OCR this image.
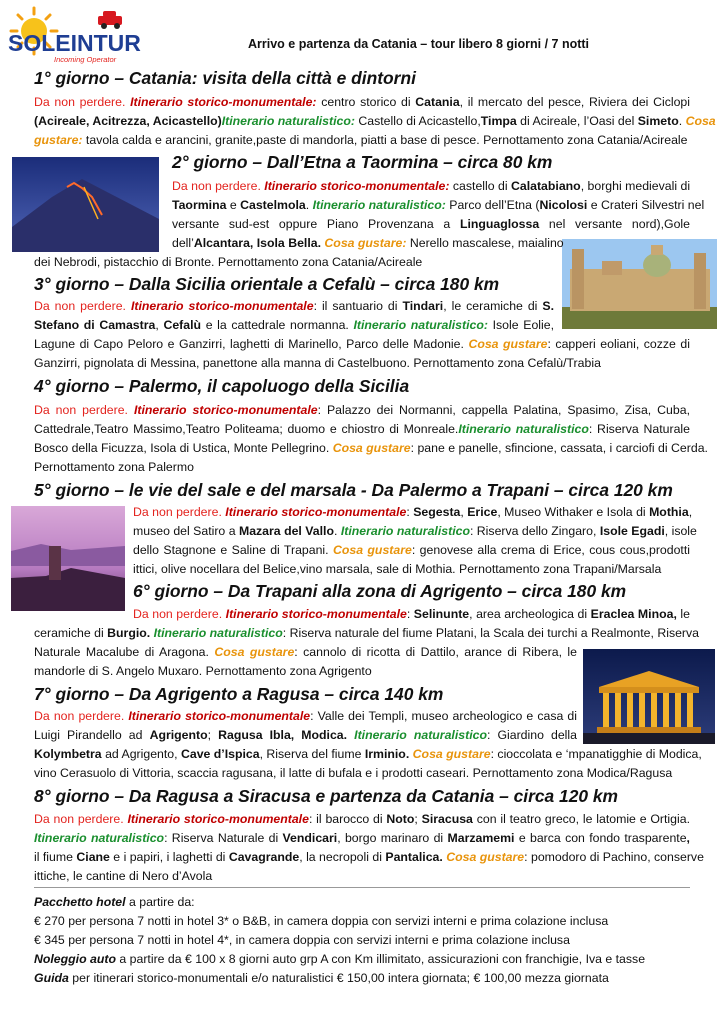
SOLEINTUR
Incoming Operator
Arrivo e partenza da Catania – tour libero 8 giorni / 7 notti
1° giorno – Catania: visita della città e dintorni
Da non perdere. Itinerario storico-monumentale: centro storico di Catania, il mercato del pesce, Riviera dei Ciclopi
(Acireale, Acitrezza, Acicastello)Itinerario naturalistico: Castello di Acicastello,Timpa di Acireale, l’Oasi del Simeto. Cosa
gustare: tavola calda e arancini, granite,paste di mandorla, piatti a base di pesce. Pernottamento zona Catania/Acireale
2° giorno – Dall’Etna a Taormina – circa 80 km
Da non perdere. Itinerario storico-monumentale: castello di Calatabiano, borghi medievali di
Taormina e Castelmola. Itinerario naturalistico: Parco dell’Etna (Nicolosi e Crateri Silvestri nel
versante sud-est oppure Piano Provenzana a Linguaglossa nel versante nord),Gole
dell’Alcantara, Isola Bella. Cosa gustare: Nerello mascalese, maialino
dei Nebrodi, pistacchio di Bronte. Pernottamento zona Catania/Acireale
3° giorno – Dalla Sicilia orientale a Cefalù – circa 180 km
Da non perdere. Itinerario storico-monumentale: il santuario di Tindari, le ceramiche di S.
Stefano di Camastra, Cefalù e la cattedrale normanna. Itinerario naturalistico: Isole Eolie,
Lagune di Capo Peloro e Ganzirri, laghetti di Marinello, Parco delle Madonie. Cosa gustare: capperi eoliani, cozze di
Ganzirri, pignolata di Messina, panettone alla manna di Castelbuono. Pernottamento zona Cefalù/Trabia
4° giorno – Palermo, il capoluogo della Sicilia
Da non perdere. Itinerario storico-monumentale: Palazzo dei Normanni, cappella Palatina, Spasimo, Zisa, Cuba,
Cattedrale,Teatro Massimo,Teatro Politeama; duomo e chiostro di Monreale.Itinerario naturalistico: Riserva Naturale
Bosco della Ficuzza, Isola di Ustica, Monte Pellegrino. Cosa gustare: pane e panelle, sfincione, cassata, i carciofi di Cerda.
Pernottamento zona Palermo
5° giorno – le vie del sale e del marsala - Da Palermo a Trapani – circa 120 km
Da non perdere. Itinerario storico-monumentale: Segesta, Erice, Museo Withaker e Isola di Mothia,
museo del Satiro a Mazara del Vallo. Itinerario naturalistico: Riserva dello Zingaro, Isole Egadi, isole
dello Stagnone e Saline di Trapani. Cosa gustare: genovese alla crema di Erice, cous cous,prodotti
ittici, olive nocellara del Belice,vino marsala, sale di Mothia. Pernottamento zona Trapani/Marsala
6° giorno – Da Trapani alla zona di Agrigento – circa 180 km
Da non perdere. Itinerario storico-monumentale: Selinunte, area archeologica di Eraclea Minoa, le
ceramiche di Burgio. Itinerario naturalistico: Riserva naturale del fiume Platani, la Scala dei turchi a Realmonte, Riserva
Naturale Macalube di Aragona. Cosa gustare: cannolo di ricotta di Dattilo, arance di Ribera, le
mandorle di S. Angelo Muxaro. Pernottamento zona Agrigento
7° giorno – Da Agrigento a Ragusa – circa 140 km
Da non perdere. Itinerario storico-monumentale: Valle dei Templi, museo archeologico e casa di
Luigi Pirandello ad Agrigento; Ragusa Ibla, Modica. Itinerario naturalistico: Giardino della
Kolymbetra ad Agrigento, Cave d’Ispica, Riserva del fiume Irminio. Cosa gustare: cioccolata e ‘mpanatigghie di Modica,
vino Cerasuolo di Vittoria, scaccia ragusana, il latte di bufala e i prodotti caseari. Pernottamento zona Modica/Ragusa
8° giorno – Da Ragusa a Siracusa e partenza da Catania – circa 120 km
Da non perdere. Itinerario storico-monumentale: il barocco di Noto; Siracusa con il teatro greco, le latomie e Ortigia.
Itinerario naturalistico: Riserva Naturale di Vendicari, borgo marinaro di Marzamemi e barca con fondo trasparente,
il fiume Ciane e i papiri, i laghetti di Cavagrande, la necropoli di Pantalica. Cosa gustare: pomodoro di Pachino, conserve
ittiche, le cantine di Nero d’Avola
Pacchetto hotel a partire da:
€ 270 per persona 7 notti in hotel 3* o B&B, in camera doppia con servizi interni e prima colazione inclusa
€ 345 per persona 7 notti in hotel 4*, in camera doppia con servizi interni e prima colazione inclusa
Noleggio auto a partire da € 100 x 8 giorni auto grp A con Km illimitato, assicurazioni con franchigie, Iva e tasse
Guida per itinerari storico-monumentali e/o naturalistici € 150,00 intera giornata; € 100,00 mezza giornata
